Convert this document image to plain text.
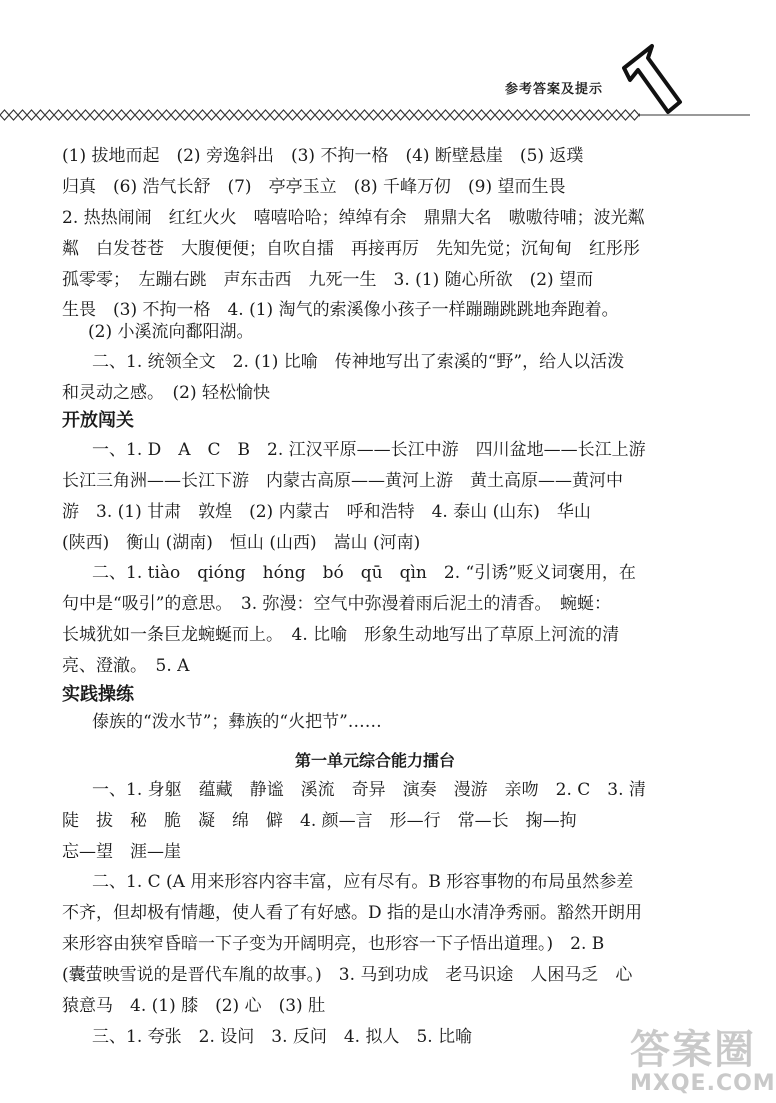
参考答案及提示
(1) 拔地而起　(2) 旁逸斜出　(3) 不拘一格　(4) 断壁悬崖　(5) 返璞
归真　(6) 浩气长舒　(7)　亭亭玉立　(8) 千峰万仞　(9) 望而生畏
2. 热热闹闹　红红火火　嘻嘻哈哈；绰绰有余　鼎鼎大名　嗷嗷待哺；波光粼
粼　白发苍苍　大腹便便；自吹自擂　再接再厉　先知先觉；沉甸甸　红彤彤
孤零零；　左蹦右跳　声东击西　九死一生　3. (1) 随心所欲　(2) 望而
生畏　(3) 不拘一格　4. (1) 淘气的索溪像小孩子一样蹦蹦跳跳地奔跑着。
(2) 小溪流向鄱阳湖。
二、1. 统领全文　2. (1) 比喻　传神地写出了索溪的“野”，给人以活泼
和灵动之感。　(2) 轻松愉快
开放闯关
一、1. D　A　C　B　2. 江汉平原——长江中游　四川盆地——长江上游
长江三角洲——长江下游　内蒙古高原——黄河上游　黄土高原——黄河中
游　3. (1) 甘肃　敦煌　(2) 内蒙古　呼和浩特　4. 泰山 (山东)　华山
(陕西)　衡山 (湖南)　恒山 (山西)　嵩山 (河南)
二、1. tiào　qióng　hóng　bó　qū　qìn　2. “引诱”贬义词褒用，在
句中是“吸引”的意思。　3. 弥漫：空气中弥漫着雨后泥土的清香。　蜿蜒：
长城犹如一条巨龙蜿蜒而上。　4. 比喻　形象生动地写出了草原上河流的清
亮、澄澈。　5. A
实践操练
傣族的“泼水节”；彝族的“火把节”……
第一单元综合能力擂台
一、1. 身躯　蕴藏　静谧　溪流　奇异　演奏　漫游　亲吻　2. C　3. 清
陡　拔　秘　脆　凝　绵　僻　4. 颜—言　形—行　常—长　掬—拘
忘—望　涯—崖
二、1. C (A 用来形容内容丰富，应有尽有。B 形容事物的布局虽然参差
不齐，但却极有情趣，使人看了有好感。D 指的是山水清净秀丽。豁然开朗用
来形容由狭窄昏暗一下子变为开阔明亮，也形容一下子悟出道理。)　2. B
(囊萤映雪说的是晋代车胤的故事。)　3. 马到功成　老马识途　人困马乏　心
猿意马　4. (1) 膝　(2) 心　(3) 肚
三、1. 夸张　2. 设问　3. 反问　4. 拟人　5. 比喻	答案圈
MXQE.COM
